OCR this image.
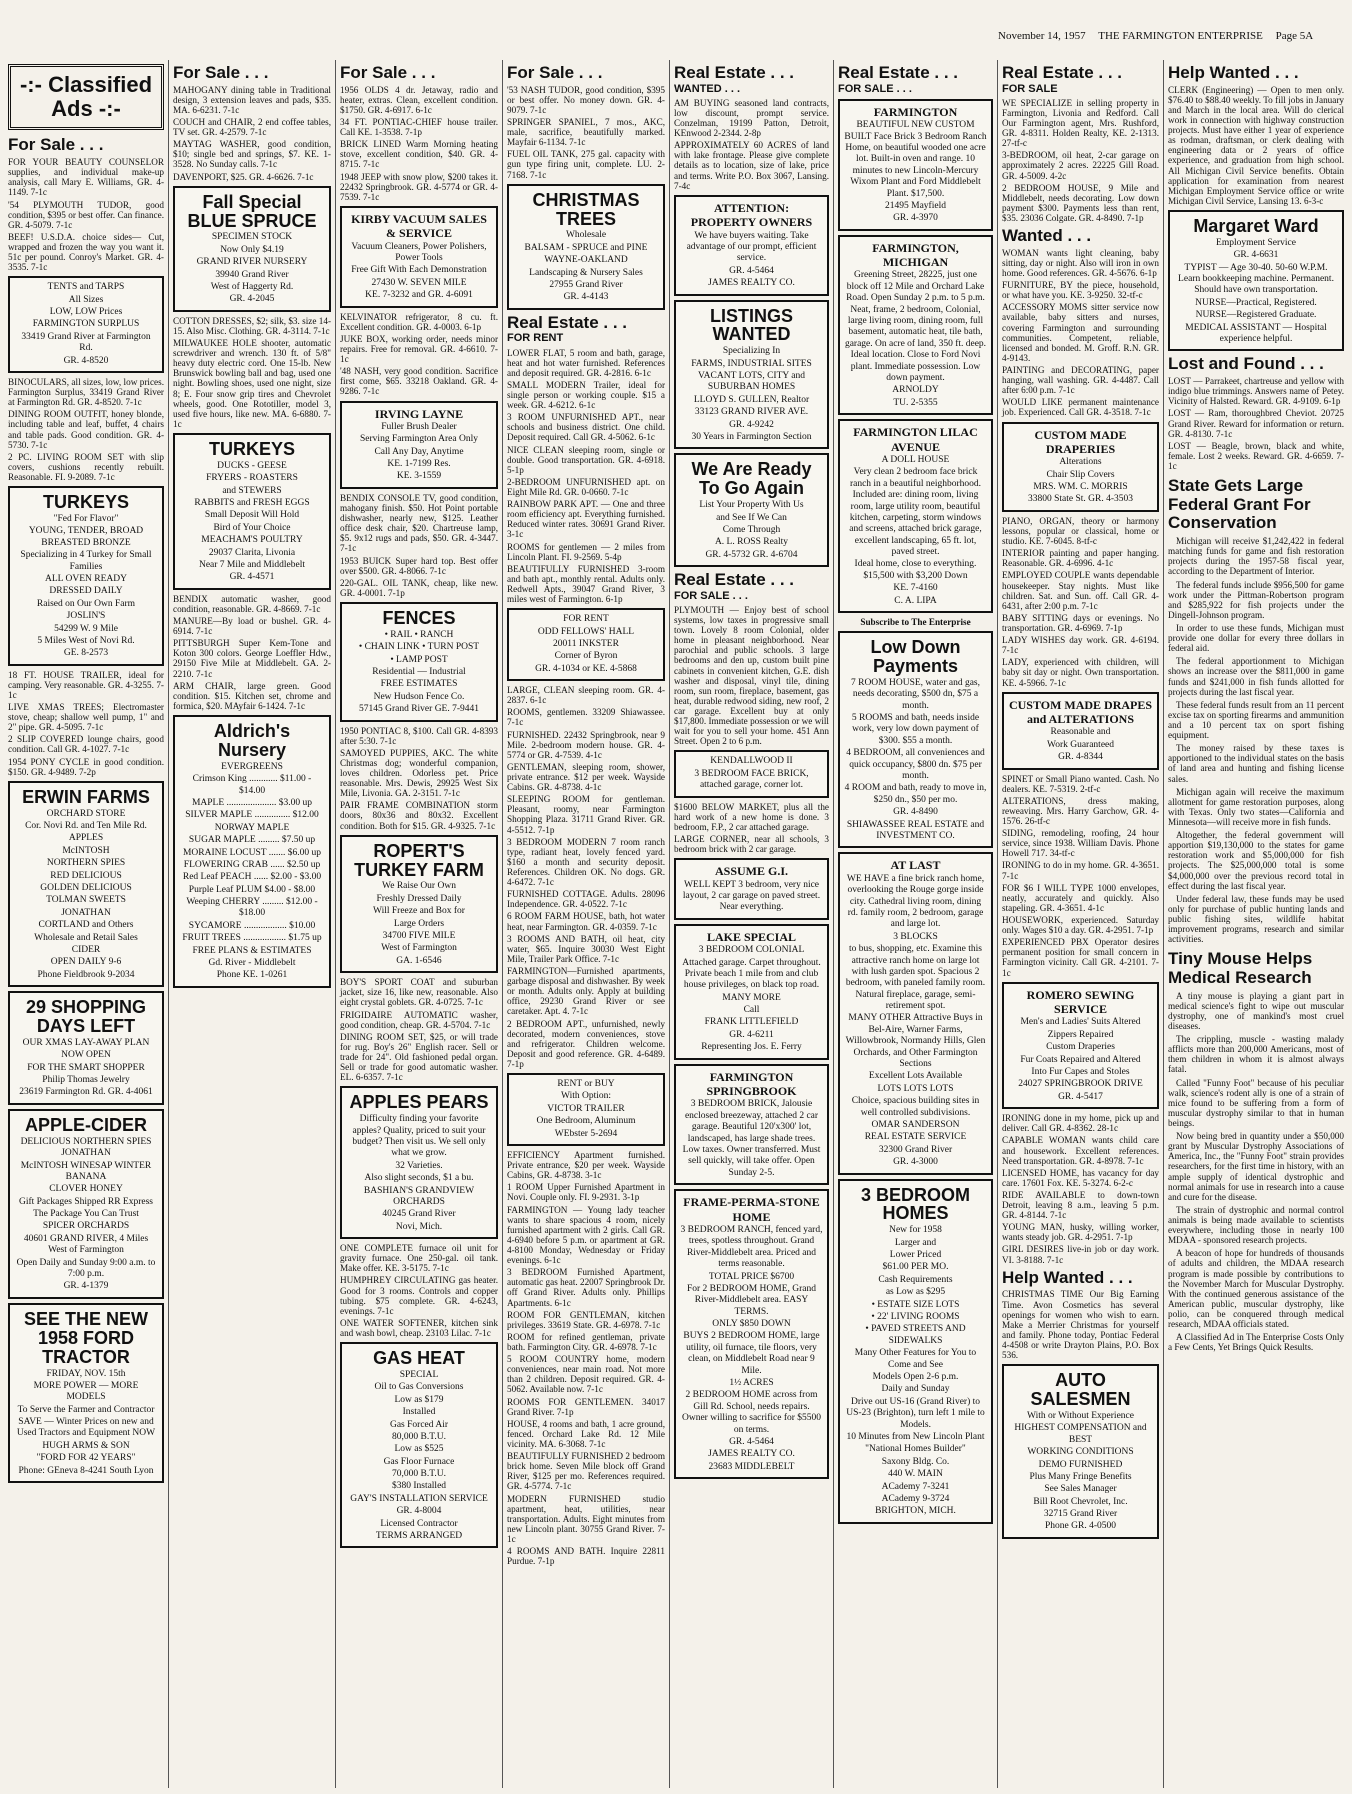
November 14, 1957 THE FARMINGTON ENTERPRISE Page 5A
-:- Classified Ads -:-
For Sale . . .
FOR YOUR BEAUTY COUNSELOR supplies, and individual make-up analysis, call Mary E. Williams, GR. 4-1149. 7-1c
'54 PLYMOUTH TUDOR, good condition, $395 or best offer. Can finance. GR. 4-5079. 7-1c
BEEF! U.S.D.A. choice sides— Cut, wrapped and frozen the way you want it. 51c per pound. Conroy's Market. GR. 4-3535. 7-1c
TENTS and TARPS
All Sizes
LOW, LOW Prices
FARMINGTON SURPLUS
33419 Grand River at Farmington Rd.
GR. 4-8520
BINOCULARS, all sizes, low, low prices. Farmington Surplus, 33419 Grand River at Farmington Rd. GR. 4-8520. 7-1c
DINING ROOM OUTFIT, honey blonde, including table and leaf, buffet, 4 chairs and table pads. Good condition. GR. 4-5730. 7-1c
2 PC. LIVING ROOM SET with slip covers, cushions recently rebuilt. Reasonable. FI. 9-2089. 7-1c
TURKEYS
"Fed For Flavor"
YOUNG, TENDER, BROAD BREASTED BRONZE
Specializing in 4 Turkey for Small Families
ALL OVEN READY
DRESSED DAILY
Raised on Our Own Farm
JOSLIN'S
54299 W. 9 Mile
5 Miles West of Novi Rd.
GE. 8-2573
18 FT. HOUSE TRAILER, ideal for camping. Very reasonable. GR. 4-3255. 7-1c
LIVE XMAS TREES; Electromaster stove, cheap; shallow well pump, 1" and 2" pipe. GR. 4-5095. 7-1c
2 SLIP COVERED lounge chairs, good condition. Call GR. 4-1027. 7-1c
1954 PONY CYCLE in good condition. $150. GR. 4-9489. 7-2p
ERWIN FARMS
ORCHARD STORE
Cor. Novi Rd. and Ten Mile Rd.
APPLES
McINTOSH
NORTHERN SPIES
RED DELICIOUS
GOLDEN DELICIOUS
TOLMAN SWEETS
JONATHAN
CORTLAND and Others
Wholesale and Retail Sales
CIDER
OPEN DAILY 9-6
Phone Fieldbrook 9-2034
29 SHOPPING DAYS LEFT
OUR XMAS LAY-AWAY PLAN
NOW OPEN
FOR THE SMART SHOPPER
Philip Thomas Jewelry
23619 Farmington Rd. GR. 4-4061
APPLE-CIDER
DELICIOUS NORTHERN SPIES JONATHAN
McINTOSH WINESAP WINTER BANANA
CLOVER HONEY
Gift Packages Shipped RR Express
The Package You Can Trust
SPICER ORCHARDS
40601 GRAND RIVER, 4 Miles West of Farmington
Open Daily and Sunday 9:00 a.m. to 7:00 p.m.
GR. 4-1379
SEE THE NEW 1958 FORD TRACTOR
FRIDAY, NOV. 15th
MORE POWER — MORE MODELS
To Serve the Farmer and Contractor
SAVE — Winter Prices on new and Used Tractors and Equipment NOW
HUGH ARMS & SON
"FORD FOR 42 YEARS"
Phone: GEneva 8-4241 South Lyon
For Sale . . .
MAHOGANY dining table in Traditional design, 3 extension leaves and pads, $35. MA. 6-6231. 7-1c
COUCH and CHAIR, 2 end coffee tables, TV set. GR. 4-2579. 7-1c
MAYTAG WASHER, good condition, $10; single bed and springs, $7. KE. 1-3528. No Sunday calls. 7-1c
DAVENPORT, $25. GR. 4-6626. 7-1c
Fall Special BLUE SPRUCE
SPECIMEN STOCK
Now Only $4.19
GRAND RIVER NURSERY
39940 Grand River
West of Haggerty Rd.
GR. 4-2045
COTTON DRESSES, $2; silk, $3. size 14-15. Also Misc. Clothing. GR. 4-3114. 7-1c
MILWAUKEE HOLE shooter, automatic screwdriver and wrench. 130 ft. of 5/8" heavy duty electric cord. One 15-lb. New Brunswick bowling ball and bag, used one night. Bowling shoes, used one night, size 8; E. Four snow grip tires and Chevrolet wheels, good. One Rototiller, model 3, used five hours, like new. MA. 6-6880. 7-1c
TURKEYS
DUCKS - GEESE
FRYERS - ROASTERS
and STEWERS
RABBITS and FRESH EGGS
Small Deposit Will Hold
Bird of Your Choice
MEACHAM'S POULTRY
29037 Clarita, Livonia
Near 7 Mile and Middlebelt
GR. 4-4571
BENDIX automatic washer, good condition, reasonable. GR. 4-8669. 7-1c
MANURE—By load or bushel. GR. 4-6914. 7-1c
PITTSBURGH Super Kem-Tone and Koton 300 colors. George Loeffler Hdw., 29150 Five Mile at Middlebelt. GA. 2-2210. 7-1c
ARM CHAIR, large green. Good condition. $15. Kitchen set, chrome and formica, $20. MAyfair 6-1424. 7-1c
Aldrich's Nursery
EVERGREENS
Crimson King ............ $11.00 - $14.00
MAPLE ..................... $3.00 up
SILVER MAPLE ............... $12.00
NORWAY MAPLE
SUGAR MAPLE ......... $7.50 up
MORAINE LOCUST ....... $6.00 up
FLOWERING CRAB ...... $2.50 up
Red Leaf PEACH ...... $2.00 - $3.00
Purple Leaf PLUM $4.00 - $8.00
Weeping CHERRY ......... $12.00 - $18.00
SYCAMORE .................. $10.00
FRUIT TREES .................. $1.75 up
FREE PLANS & ESTIMATES
Gd. River - Middlebelt
Phone KE. 1-0261
For Sale . . .
1956 OLDS 4 dr. Jetaway, radio and heater, extras. Clean, excellent condition. $1750. GR. 4-6917. 6-1c
34 FT. PONTIAC-CHIEF house trailer. Call KE. 1-3538. 7-1p
BRICK LINED Warm Morning heating stove, excellent condition, $40. GR. 4-8715. 7-1c
1948 JEEP with snow plow, $200 takes it. 22432 Springbrook. GR. 4-5774 or GR. 4-7539. 7-1c
KIRBY VACUUM SALES & SERVICE
Vacuum Cleaners, Power Polishers, Power Tools
Free Gift With Each Demonstration
27430 W. SEVEN MILE
KE. 7-3232 and GR. 4-6091
KELVINATOR refrigerator, 8 cu. ft. Excellent condition. GR. 4-0003. 6-1p
JUKE BOX, working order, needs minor repairs. Free for removal. GR. 4-6610. 7-1c
'48 NASH, very good condition. Sacrifice first come, $65. 33218 Oakland. GR. 4-9286. 7-1c
IRVING LAYNE
Fuller Brush Dealer
Serving Farmington Area Only
Call Any Day, Anytime
KE. 1-7199 Res.
KE. 3-1559
BENDIX CONSOLE TV, good condition, mahogany finish. $50. Hot Point portable dishwasher, nearly new, $125. Leather office desk chair, $20. Chartreuse lamp, $5. 9x12 rugs and pads, $50. GR. 4-3447. 7-1c
1953 BUICK Super hard top. Best offer over $500. GR. 4-8066. 7-1c
220-GAL. OIL TANK, cheap, like new. GR. 4-0001. 7-1p
FENCES
• RAIL • RANCH
• CHAIN LINK • TURN POST
• LAMP POST
Residential — Industrial
FREE ESTIMATES
New Hudson Fence Co.
57145 Grand River GE. 7-9441
1950 PONTIAC 8, $100. Call GR. 4-8393 after 5:30. 7-1c
SAMOYED PUPPIES, AKC. The white Christmas dog; wonderful companion, loves children. Odorless pet. Price reasonable. Mrs. Dewis, 29925 West Six Mile, Livonia. GA. 2-3151. 7-1c
PAIR FRAME COMBINATION storm doors, 80x36 and 80x32. Excellent condition. Both for $15. GR. 4-9325. 7-1c
ROPERT'S TURKEY FARM
We Raise Our Own
Freshly Dressed Daily
Will Freeze and Box for
Large Orders
34700 FIVE MILE
West of Farmington
GA. 1-6546
BOY'S SPORT COAT and suburban jacket, size 16, like new, reasonable. Also eight crystal goblets. GR. 4-0725. 7-1c
FRIGIDAIRE AUTOMATIC washer, good condition, cheap. GR. 4-5704. 7-1c
DINING ROOM SET, $25, or will trade for rug. Boy's 26" English racer. Sell or trade for 24". Old fashioned pedal organ. Sell or trade for good automatic washer. EL. 6-6357. 7-1c
APPLES PEARS
Difficulty finding your favorite apples? Quality, priced to suit your budget? Then visit us. We sell only what we grow.
32 Varieties.
Also slight seconds, $1 a bu.
BASHIAN'S GRANDVIEW ORCHARDS
40245 Grand River
Novi, Mich.
ONE COMPLETE furnace oil unit for gravity furnace. One 250-gal. oil tank. Make offer. KE. 3-5175. 7-1c
HUMPHREY CIRCULATING gas heater. Good for 3 rooms. Controls and copper tubing. $75 complete. GR. 4-6243, evenings. 7-1c
ONE WATER SOFTENER, kitchen sink and wash bowl, cheap. 23103 Lilac. 7-1c
GAS HEAT
SPECIAL
Oil to Gas Conversions
Low as $179
Installed
Gas Forced Air
80,000 B.T.U.
Low as $525
Gas Floor Furnace
70,000 B.T.U.
$380 Installed
GAY'S INSTALLATION SERVICE
GR. 4-8004
Licensed Contractor
TERMS ARRANGED
For Sale . . .
'53 NASH TUDOR, good condition, $395 or best offer. No money down. GR. 4-9079. 7-1c
SPRINGER SPANIEL, 7 mos., AKC, male, sacrifice, beautifully marked. Mayfair 6-1134. 7-1c
FUEL OIL TANK, 275 gal. capacity with gun type firing unit, complete. LU. 2-7168. 7-1c
CHRISTMAS TREES
Wholesale
BALSAM - SPRUCE and PINE
WAYNE-OAKLAND
Landscaping & Nursery Sales
27955 Grand River
GR. 4-4143
Real Estate . . .
FOR RENT
LOWER FLAT, 5 room and bath, garage, heat and hot water furnished. References and deposit required. GR. 4-2816. 6-1c
SMALL MODERN Trailer, ideal for single person or working couple. $15 a week. GR. 4-6212. 6-1c
3 ROOM UNFURNISHED APT., near schools and business district. One child. Deposit required. Call GR. 4-5062. 6-1c
NICE CLEAN sleeping room, single or double. Good transportation. GR. 4-6918. 5-1p
2-BEDROOM UNFURNISHED apt. on Eight Mile Rd. GR. 0-0660. 7-1c
RAINBOW PARK APT. — One and three room efficiency apt. Everything furnished. Reduced winter rates. 30691 Grand River. 3-1c
ROOMS for gentlemen — 2 miles from Lincoln Plant. FI. 9-2569. 5-4p
BEAUTIFULLY FURNISHED 3-room and bath apt., monthly rental. Adults only. Redwell Apts., 39047 Grand River, 3 miles west of Farmington. 6-1p
FOR RENT
ODD FELLOWS' HALL
20011 INKSTER
Corner of Byron
GR. 4-1034 or KE. 4-5868
LARGE, CLEAN sleeping room. GR. 4-2837. 6-1c
ROOMS, gentlemen. 33209 Shiawassee. 7-1c
FURNISHED. 22432 Springbrook, near 9 Mile. 2-bedroom modern house. GR. 4-5774 or GR. 4-7539. 4-1c
GENTLEMAN, sleeping room, shower, private entrance. $12 per week. Wayside Cabins. GR. 4-8738. 4-1c
SLEEPING ROOM for gentleman. Pleasant, roomy, near Farmington Shopping Plaza. 31711 Grand River. GR. 4-5512. 7-1p
3 BEDROOM MODERN 7 room ranch type, radiant heat, lovely fenced yard. $160 a month and security deposit. References. Children OK. No dogs. GR. 4-6472. 7-1c
FURNISHED COTTAGE. Adults. 28096 Independence. GR. 4-0522. 7-1c
6 ROOM FARM HOUSE, bath, hot water heat, near Farmington. GR. 4-0359. 7-1c
3 ROOMS AND BATH, oil heat, city water, $65. Inquire 30030 West Eight Mile, Trailer Park Office. 7-1c
FARMINGTON—Furnished apartments, garbage disposal and dishwasher. By week or month. Adults only. Apply at building office, 29230 Grand River or see caretaker. Apt. 4. 7-1c
2 BEDROOM APT., unfurnished, newly decorated, modern conveniences, stove and refrigerator. Children welcome. Deposit and good reference. GR. 4-6489. 7-1p
RENT or BUY
With Option:
VICTOR TRAILER
One Bedroom, Aluminum
WEbster 5-2694
EFFICIENCY Apartment furnished. Private entrance, $20 per week. Wayside Cabins, GR. 4-8738. 3-1c
1 ROOM Upper Furnished Apartment in Novi. Couple only. FI. 9-2931. 3-1p
FARMINGTON — Young lady teacher wants to share spacious 4 room, nicely furnished apartment with 2 girls. Call GR. 4-6940 before 5 p.m. or apartment at GR. 4-8100 Monday, Wednesday or Friday evenings. 6-1c
3 BEDROOM Furnished Apartment, automatic gas heat. 22007 Springbrook Dr. off Grand River. Adults only. Phillips Apartments. 6-1c
ROOM FOR GENTLEMAN, kitchen privileges. 33619 State. GR. 4-6978. 7-1c
ROOM for refined gentleman, private bath. Farmington City. GR. 4-6978. 7-1c
5 ROOM COUNTRY home, modern conveniences, near main road. Not more than 2 children. Deposit required. GR. 4-5062. Available now. 7-1c
ROOMS FOR GENTLEMEN. 34017 Grand River. 7-1p
HOUSE, 4 rooms and bath, 1 acre ground, fenced. Orchard Lake Rd. 12 Mile vicinity. MA. 6-3068. 7-1c
BEAUTIFULLY FURNISHED 2 bedroom brick home. Seven Mile block off Grand River, $125 per mo. References required. GR. 4-5774. 7-1c
MODERN FURNISHED studio apartment, heat, utilities, near transportation. Adults. Eight minutes from new Lincoln plant. 30755 Grand River. 7-1c
4 ROOMS AND BATH. Inquire 22811 Purdue. 7-1p
Real Estate . . .
WANTED . . .
AM BUYING seasoned land contracts, low discount, prompt service. Conzelman, 19199 Patton, Detroit, KEnwood 2-2344. 2-8p
APPROXIMATELY 60 ACRES of land with lake frontage. Please give complete details as to location, size of lake, price and terms. Write P.O. Box 3067, Lansing. 7-4c
ATTENTION: PROPERTY OWNERS
We have buyers waiting. Take advantage of our prompt, efficient service.
GR. 4-5464
JAMES REALTY CO.
LISTINGS WANTED
Specializing In
FARMS, INDUSTRIAL SITES
VACANT LOTS, CITY and SUBURBAN HOMES
LLOYD S. GULLEN, Realtor
33123 GRAND RIVER AVE.
GR. 4-9242
30 Years in Farmington Section
We Are Ready To Go Again
List Your Property With Us
and See If We Can
Come Through
A. L. ROSS Realty
GR. 4-5732 GR. 4-6704
Real Estate . . .
FOR SALE . . .
PLYMOUTH — Enjoy best of school systems, low taxes in progressive small town. Lovely 8 room Colonial, older home in pleasant neighborhood. Near parochial and public schools. 3 large bedrooms and den up, custom built pine cabinets in convenient kitchen, G.E. dish washer and disposal, vinyl tile, dining room, sun room, fireplace, basement, gas heat, durable redwood siding, new roof, 2 car garage. Excellent buy at only $17,800. Immediate possession or we will wait for you to sell your home. 451 Ann Street. Open 2 to 6 p.m.
KENDALLWOOD II
3 BEDROOM FACE BRICK, attached garage, corner lot.
$1600 BELOW MARKET, plus all the hard work of a new home is done. 3 bedroom, F.P., 2 car attached garage.
LARGE CORNER, near all schools, 3 bedroom brick with 2 car garage.
ASSUME G.I.
WELL KEPT 3 bedroom, very nice layout, 2 car garage on paved street. Near everything.
LAKE SPECIAL
3 BEDROOM COLONIAL
Attached garage. Carpet throughout. Private beach 1 mile from and club house privileges, on black top road.
MANY MORE
Call
FRANK LITTLEFIELD
GR. 4-6211
Representing Jos. E. Ferry
FARMINGTON SPRINGBROOK
3 BEDROOM BRICK, Jalousie enclosed breezeway, attached 2 car garage. Beautiful 120'x300' lot, landscaped, has large shade trees. Low taxes. Owner transferred. Must sell quickly, will take offer. Open Sunday 2-5.
FRAME-PERMA-STONE HOME
3 BEDROOM RANCH, fenced yard, trees, spotless throughout. Grand River-Middlebelt area. Priced and terms reasonable.
TOTAL PRICE $6700
For 2 BEDROOM HOME, Grand River-Middlebelt area. EASY TERMS.
ONLY $850 DOWN
BUYS 2 BEDROOM HOME, large utility, oil furnace, tile floors, very clean, on Middlebelt Road near 9 Mile.
1½ ACRES
2 BEDROOM HOME across from Gill Rd. School, needs repairs. Owner willing to sacrifice for $5500 on terms.
GR. 4-5464
JAMES REALTY CO.
23683 MIDDLEBELT
Real Estate . . .
FOR SALE . . .
FARMINGTON
BEAUTIFUL NEW CUSTOM BUILT Face Brick 3 Bedroom Ranch Home, on beautiful wooded one acre lot. Built-in oven and range. 10 minutes to new Lincoln-Mercury Wixom Plant and Ford Middlebelt Plant. $17,500.
21495 Mayfield
GR. 4-3970
FARMINGTON, MICHIGAN
Greening Street, 28225, just one block off 12 Mile and Orchard Lake Road. Open Sunday 2 p.m. to 5 p.m. Neat, frame, 2 bedroom, Colonial, large living room, dining room, full basement, automatic heat, tile bath, garage. On acre of land, 350 ft. deep. Ideal location. Close to Ford Novi plant. Immediate possession. Low down payment.
ARNOLDY
TU. 2-5355
FARMINGTON LILAC AVENUE
A DOLL HOUSE
Very clean 2 bedroom face brick ranch in a beautiful neighborhood. Included are: dining room, living room, large utility room, beautiful kitchen, carpeting, storm windows and screens, attached brick garage, excellent landscaping, 65 ft. lot, paved street.
Ideal home, close to everything. $15,500 with $3,200 Down
KE. 7-4160
C. A. LIPA
Subscribe to The Enterprise
Low Down Payments
7 ROOM HOUSE, water and gas, needs decorating, $500 dn, $75 a month.
5 ROOMS and bath, needs inside work, very low down payment of $300. $55 a month.
4 BEDROOM, all conveniences and quick occupancy, $800 dn. $75 per month.
4 ROOM and bath, ready to move in, $250 dn., $50 per mo.
GR. 4-8490
SHIAWASSEE REAL ESTATE and INVESTMENT CO.
AT LAST
WE HAVE a fine brick ranch home, overlooking the Rouge gorge inside city. Cathedral living room, dining rd. family room, 2 bedroom, garage and large lot.
3 BLOCKS
to bus, shopping, etc. Examine this attractive ranch home on large lot with lush garden spot. Spacious 2 bedroom, with paneled family room. Natural fireplace, garage, semi-retirement spot.
MANY OTHER Attractive Buys in Bel-Aire, Warner Farms, Willowbrook, Normandy Hills, Glen Orchards, and Other Farmington Sections
Excellent Lots Available
LOTS LOTS LOTS
Choice, spacious building sites in well controlled subdivisions.
OMAR SANDERSON
REAL ESTATE SERVICE
32300 Grand River
GR. 4-3000
3 BEDROOM HOMES
New for 1958
Larger and
Lower Priced
$61.00 PER MO.
Cash Requirements
as Low as $295
• ESTATE SIZE LOTS
• 22' LIVING ROOMS
• PAVED STREETS AND SIDEWALKS
Many Other Features for You to Come and See
Models Open 2-6 p.m.
Daily and Sunday
Drive out US-16 (Grand River) to US-23 (Brighton), turn left 1 mile to Models.
10 Minutes from New Lincoln Plant
"National Homes Builder"
Saxony Bldg. Co.
440 W. MAIN
ACademy 7-3241
ACademy 9-3724
BRIGHTON, MICH.
Real Estate . . .
FOR SALE
WE SPECIALIZE in selling property in Farmington, Livonia and Redford. Call Our Farmington agent, Mrs. Rushford, GR. 4-8311. Holden Realty, KE. 2-1313. 27-tf-c
3-BEDROOM, oil heat, 2-car garage on approximately 2 acres. 22225 Gill Road. GR. 4-5009. 4-2c
2 BEDROOM HOUSE, 9 Mile and Middlebelt, needs decorating. Low down payment $300. Payments less than rent, $35. 23036 Colgate. GR. 4-8490. 7-1p
Wanted . . .
WOMAN wants light cleaning, baby sitting, day or night. Also will iron in own home. Good references. GR. 4-5676. 6-1p
FURNITURE, BY the piece, household, or what have you. KE. 3-9250. 32-tf-c
ACCESSORY MOMS sitter service now available, baby sitters and nurses, covering Farmington and surrounding communities. Competent, reliable, licensed and bonded. M. Groff. R.N. GR. 4-9143.
PAINTING and DECORATING, paper hanging, wall washing. GR. 4-4487. Call after 6:00 p.m. 7-1c
WOULD LIKE permanent maintenance job. Experienced. Call GR. 4-3518. 7-1c
CUSTOM MADE DRAPERIES
Alterations
Chair Slip Covers
MRS. WM. C. MORRIS
33800 State St. GR. 4-3503
PIANO, ORGAN, theory or harmony lessons, popular or classical, home or studio. KE. 7-6045. 8-tf-c
INTERIOR painting and paper hanging. Reasonable. GR. 4-6996. 4-1c
EMPLOYED COUPLE wants dependable housekeeper. Stay nights. Must like children. Sat. and Sun. off. Call GR. 4-6431, after 2:00 p.m. 7-1c
BABY SITTING days or evenings. No transportation. GR. 4-6969. 7-1p
LADY WISHES day work. GR. 4-6194. 7-1c
LADY, experienced with children, will baby sit day or night. Own transportation. KE. 4-5966. 7-1c
CUSTOM MADE DRAPES and ALTERATIONS
Reasonable and
Work Guaranteed
GR. 4-8344
SPINET or Small Piano wanted. Cash. No dealers. KE. 7-5319. 2-tf-c
ALTERATIONS, dress making, reweaving. Mrs. Harry Garchow, GR. 4-1576. 26-tf-c
SIDING, remodeling, roofing, 24 hour service, since 1938. William Davis. Phone Howell 717. 34-tf-c
IRONING to do in my home. GR. 4-3651. 7-1c
FOR $6 I WILL TYPE 1000 envelopes, neatly, accurately and quickly. Also stapeling. GR. 4-3651. 4-1c
HOUSEWORK, experienced. Saturday only. Wages $10 a day. GR. 4-2951. 7-1p
EXPERIENCED PBX Operator desires permanent position for small concern in Farmington vicinity. Call GR. 4-2101. 7-1c
ROMERO SEWING SERVICE
Men's and Ladies' Suits Altered
Zippers Repaired
Custom Draperies
Fur Coats Repaired and Altered
Into Fur Capes and Stoles
24027 SPRINGBROOK DRIVE
GR. 4-5417
IRONING done in my home, pick up and deliver. Call GR. 4-8362. 28-1c
CAPABLE WOMAN wants child care and housework. Excellent references. Need transportation. GR. 4-8978. 7-1c
LICENSED HOME, has vacancy for day care. 17601 Fox. KE. 5-3274. 6-2-c
RIDE AVAILABLE to down-town Detroit, leaving 8 a.m., leaving 5 p.m. GR. 4-8144. 7-1c
YOUNG MAN, husky, willing worker, wants steady job. GR. 4-2951. 7-1p
GIRL DESIRES live-in job or day work. VI. 3-8188. 7-1c
Help Wanted . . .
CHRISTMAS TIME Our Big Earning Time. Avon Cosmetics has several openings for women who wish to earn. Make a Merrier Christmas for yourself and family. Phone today, Pontiac Federal 4-4508 or write Drayton Plains, P.O. Box 536.
AUTO SALESMEN
With or Without Experience
HIGHEST COMPENSATION and BEST
WORKING CONDITIONS
DEMO FURNISHED
Plus Many Fringe Benefits
See Sales Manager
Bill Root Chevrolet, Inc.
32715 Grand River
Phone GR. 4-0500
Help Wanted . . .
CLERK (Engineering) — Open to men only. $76.40 to $88.40 weekly. To fill jobs in January and March in the local area. Will do clerical work in connection with highway construction projects. Must have either 1 year of experience as rodman, draftsman, or clerk dealing with engineering data or 2 years of office experience, and graduation from high school. All Michigan Civil Service benefits. Obtain application for examination from nearest Michigan Employment Service office or write Michigan Civil Service, Lansing 13. 6-3-c
Margaret Ward
Employment Service
GR. 4-6631
TYPIST — Age 30-40. 50-60 W.P.M. Learn bookkeeping machine. Permanent. Should have own transportation.
NURSE—Practical, Registered.
NURSE—Registered Graduate.
MEDICAL ASSISTANT — Hospital experience helpful.
Lost and Found . . .
LOST — Parrakeet, chartreuse and yellow with indigo blue trimmings. Answers name of Petey. Vicinity of Halsted. Reward. GR. 4-9109. 6-1p
LOST — Ram, thoroughbred Cheviot. 20725 Grand River. Reward for information or return. GR. 4-8130. 7-1c
LOST — Beagle, brown, black and white, female. Lost 2 weeks. Reward. GR. 4-6659. 7-1c
State Gets Large Federal Grant For Conservation

Michigan will receive $1,242,422 in federal matching funds for game and fish restoration projects during the 1957-58 fiscal year, according to the Department of Interior.

The federal funds include $956,500 for game work under the Pittman-Robertson program and $285,922 for fish projects under the Dingell-Johnson program.

In order to use these funds, Michigan must provide one dollar for every three dollars in federal aid.

The federal apportionment to Michigan shows an increase over the $811,000 in game funds and $241,000 in fish funds allotted for projects during the last fiscal year.

These federal funds result from an 11 percent excise tax on sporting firearms and ammunition and a 10 percent tax on sport fishing equipment.

The money raised by these taxes is apportioned to the individual states on the basis of land area and hunting and fishing license sales.

Michigan again will receive the maximum allotment for game restoration purposes, along with Texas. Only two states—California and Minnesota—will receive more in fish funds.

Altogether, the federal government will apportion $19,130,000 to the states for game restoration work and $5,000,000 for fish projects. The $25,000,000 total is some $4,000,000 over the previous record total in effect during the last fiscal year.

Under federal law, these funds may be used only for purchase of public hunting lands and public fishing sites, wildlife habitat improvement programs, research and similar activities.

Tiny Mouse Helps Medical Research

A tiny mouse is playing a giant part in medical science's fight to wipe out muscular dystrophy, one of mankind's most cruel diseases.

The crippling, muscle - wasting malady afflicts more than 200,000 Americans, most of them children in whom it is almost always fatal.

Called "Funny Foot" because of his peculiar walk, science's rodent ally is one of a strain of mice found to be suffering from a form of muscular dystrophy similar to that in human beings.

Now being bred in quantity under a $50,000 grant by Muscular Dystrophy Associations of America, Inc., the "Funny Foot" strain provides researchers, for the first time in history, with an ample supply of identical dystrophic and normal animals for use in research into a cause and cure for the disease.

The strain of dystrophic and normal control animals is being made available to scientists everywhere, including those in nearly 100 MDAA - sponsored research projects.

A beacon of hope for hundreds of thousands of adults and children, the MDAA research program is made possible by contributions to the November March for Muscular Dystrophy. With the continued generous assistance of the American public, muscular dystrophy, like polio, can be conquered through medical research, MDAA officials stated.

A Classified Ad in The Enterprise Costs Only a Few Cents, Yet Brings Quick Results.
